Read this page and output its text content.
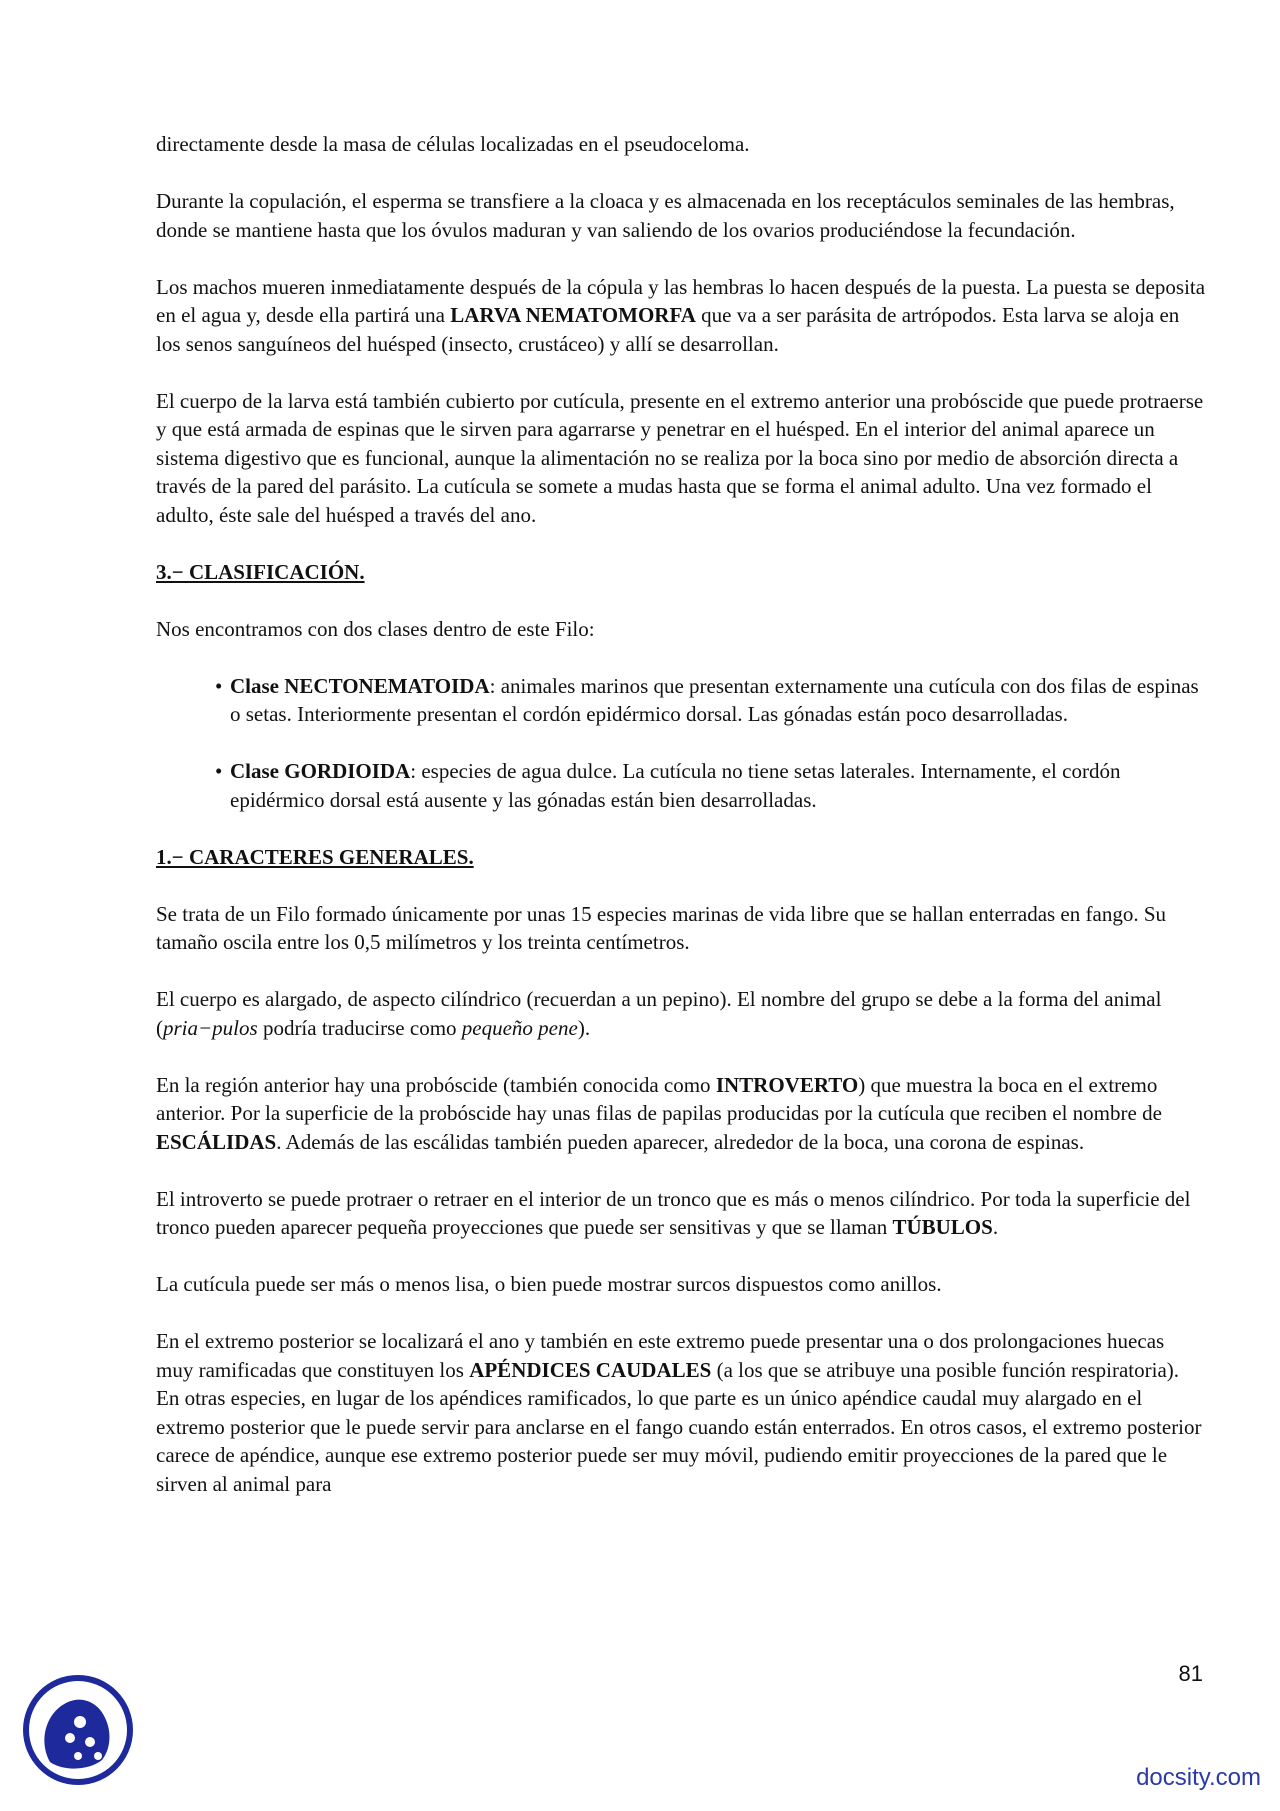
directamente desde la masa de células localizadas en el pseudoceloma.

Durante la copulación, el esperma se transfiere a la cloaca y es almacenada en los receptáculos seminales de las hembras, donde se mantiene hasta que los óvulos maduran y van saliendo de los ovarios produciéndose la fecundación.

Los machos mueren inmediatamente después de la cópula y las hembras lo hacen después de la puesta. La puesta se deposita en el agua y, desde ella partirá una LARVA NEMATOMORFA que va a ser parásita de artrópodos. Esta larva se aloja en los senos sanguíneos del huésped (insecto, crustáceo) y allí se desarrollan.

El cuerpo de la larva está también cubierto por cutícula, presente en el extremo anterior una probóscide que puede protraerse y que está armada de espinas que le sirven para agarrarse y penetrar en el huésped. En el interior del animal aparece un sistema digestivo que es funcional, aunque la alimentación no se realiza por la boca sino por medio de absorción directa a través de la pared del parásito. La cutícula se somete a mudas hasta que se forma el animal adulto. Una vez formado el adulto, éste sale del huésped a través del ano.

3.− CLASIFICACIÓN.

Nos encontramos con dos clases dentro de este Filo:

• Clase NECTONEMATOIDA: animales marinos que presentan externamente una cutícula con dos filas de espinas o setas. Interiormente presentan el cordón epidérmico dorsal. Las gónadas están poco desarrolladas.
• Clase GORDIOIDA: especies de agua dulce. La cutícula no tiene setas laterales. Internamente, el cordón epidérmico dorsal está ausente y las gónadas están bien desarrolladas.
1.− CARACTERES GENERALES.

Se trata de un Filo formado únicamente por unas 15 especies marinas de vida libre que se hallan enterradas en fango. Su tamaño oscila entre los 0,5 milímetros y los treinta centímetros.

El cuerpo es alargado, de aspecto cilíndrico (recuerdan a un pepino). El nombre del grupo se debe a la forma del animal (pria−pulos podría traducirse como pequeño pene).

En la región anterior hay una probóscide (también conocida como INTROVERTO) que muestra la boca en el extremo anterior. Por la superficie de la probóscide hay unas filas de papilas producidas por la cutícula que reciben el nombre de ESCÁLIDAS. Además de las escálidas también pueden aparecer, alrededor de la boca, una corona de espinas.

El introverto se puede protraer o retraer en el interior de un tronco que es más o menos cilíndrico. Por toda la superficie del tronco pueden aparecer pequeña proyecciones que puede ser sensitivas y que se llaman TÚBULOS.

La cutícula puede ser más o menos lisa, o bien puede mostrar surcos dispuestos como anillos.

En el extremo posterior se localizará el ano y también en este extremo puede presentar una o dos prolongaciones huecas muy ramificadas que constituyen los APÉNDICES CAUDALES (a los que se atribuye una posible función respiratoria). En otras especies, en lugar de los apéndices ramificados, lo que parte es un único apéndice caudal muy alargado en el extremo posterior que le puede servir para anclarse en el fango cuando están enterrados. En otros casos, el extremo posterior carece de apéndice, aunque ese extremo posterior puede ser muy móvil, pudiendo emitir proyecciones de la pared que le sirven al animal para

81
docsity.com
